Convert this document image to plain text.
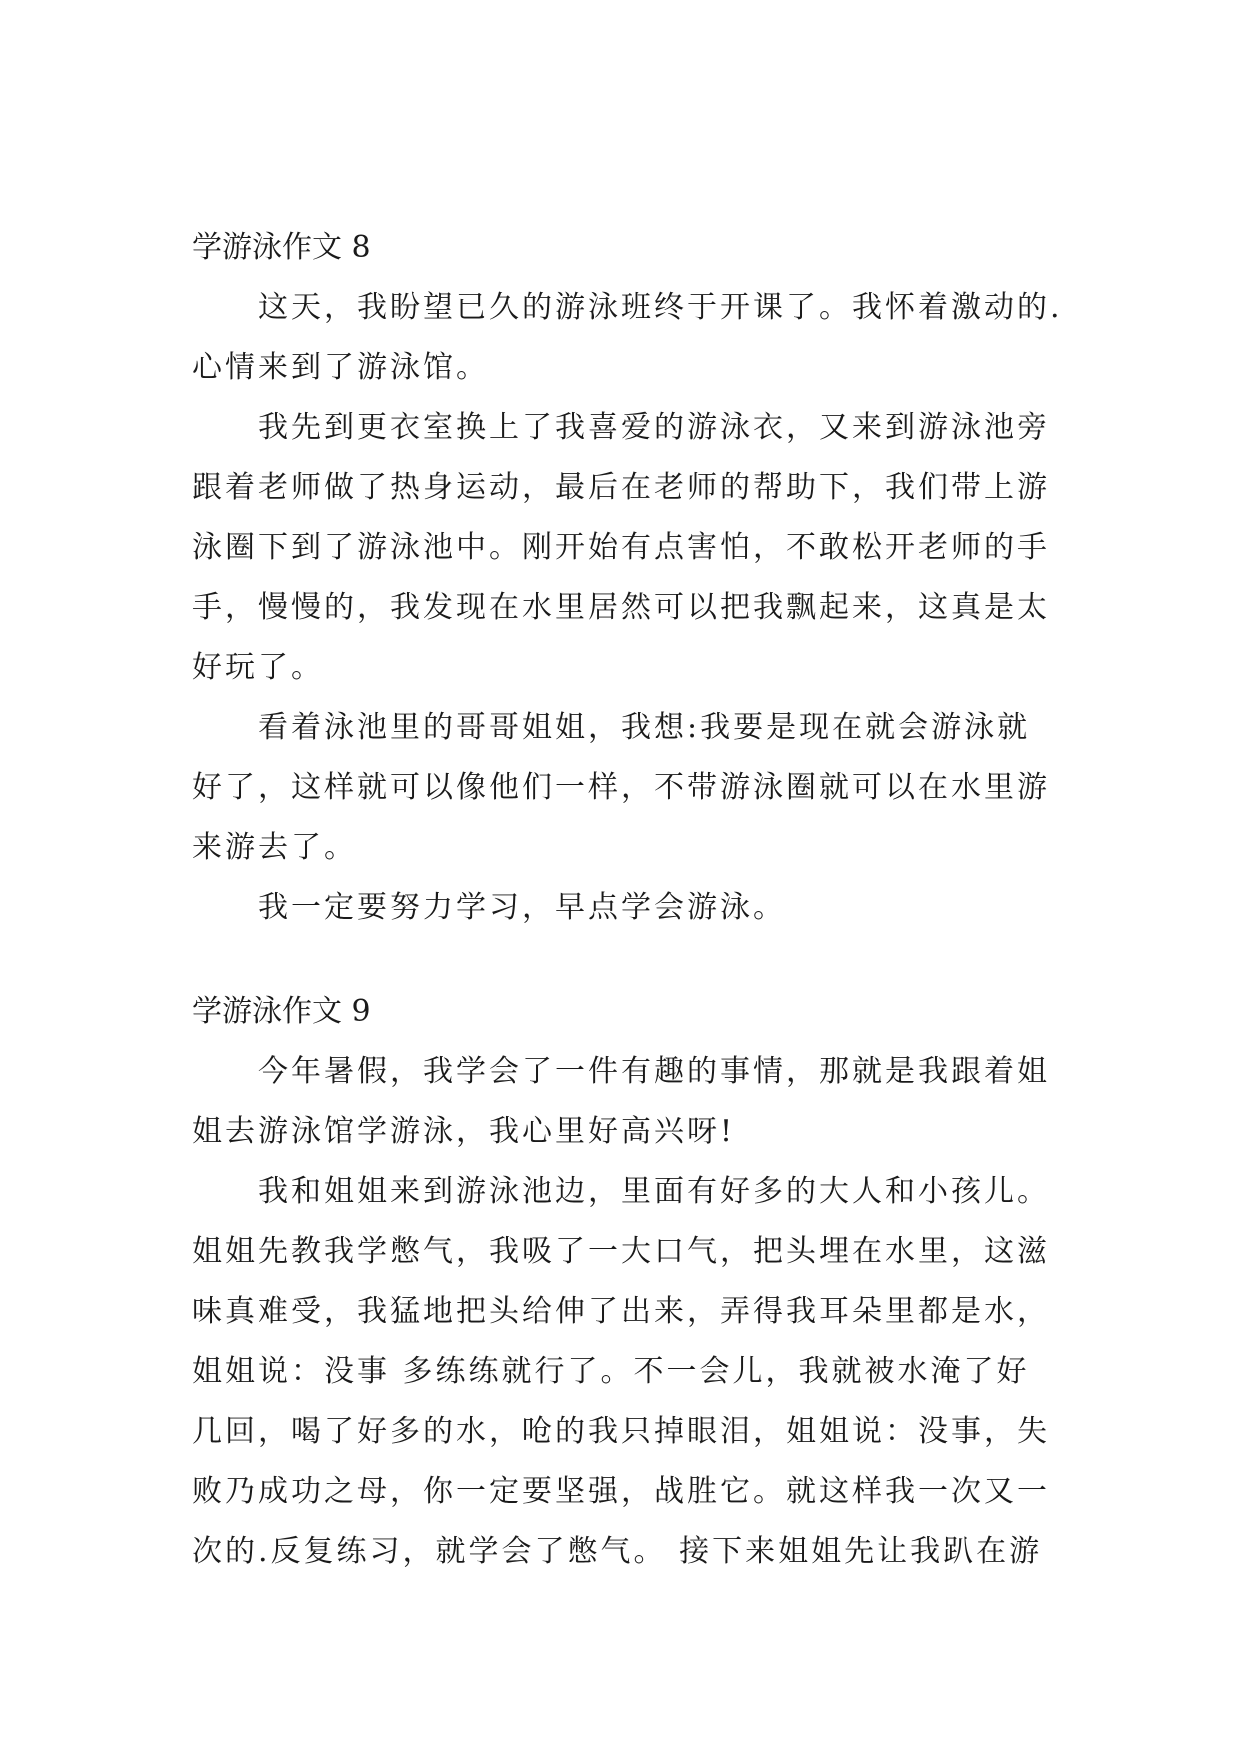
学游泳作文 8

这天，我盼望已久的游泳班终于开课了。我怀着激动的.
心情来到了游泳馆。

我先到更衣室换上了我喜爱的游泳衣，又来到游泳池旁
跟着老师做了热身运动，最后在老师的帮助下，我们带上游
泳圈下到了游泳池中。刚开始有点害怕，不敢松开老师的手
手，慢慢的，我发现在水里居然可以把我飘起来，这真是太
好玩了。

看着泳池里的哥哥姐姐，我想:我要是现在就会游泳就
好了，这样就可以像他们一样，不带游泳圈就可以在水里游
来游去了。

我一定要努力学习，早点学会游泳。

学游泳作文 9

今年暑假，我学会了一件有趣的事情，那就是我跟着姐
姐去游泳馆学游泳，我心里好高兴呀!

我和姐姐来到游泳池边，里面有好多的大人和小孩儿。
姐姐先教我学憋气，我吸了一大口气，把头埋在水里，这滋
味真难受，我猛地把头给伸了出来，弄得我耳朵里都是水，
姐姐说：没事 多练练就行了。不一会儿，我就被水淹了好
几回，喝了好多的水，呛的我只掉眼泪，姐姐说：没事，失
败乃成功之母，你一定要坚强，战胜它。就这样我一次又一
次的.反复练习，就学会了憋气。 接下来姐姐先让我趴在游
